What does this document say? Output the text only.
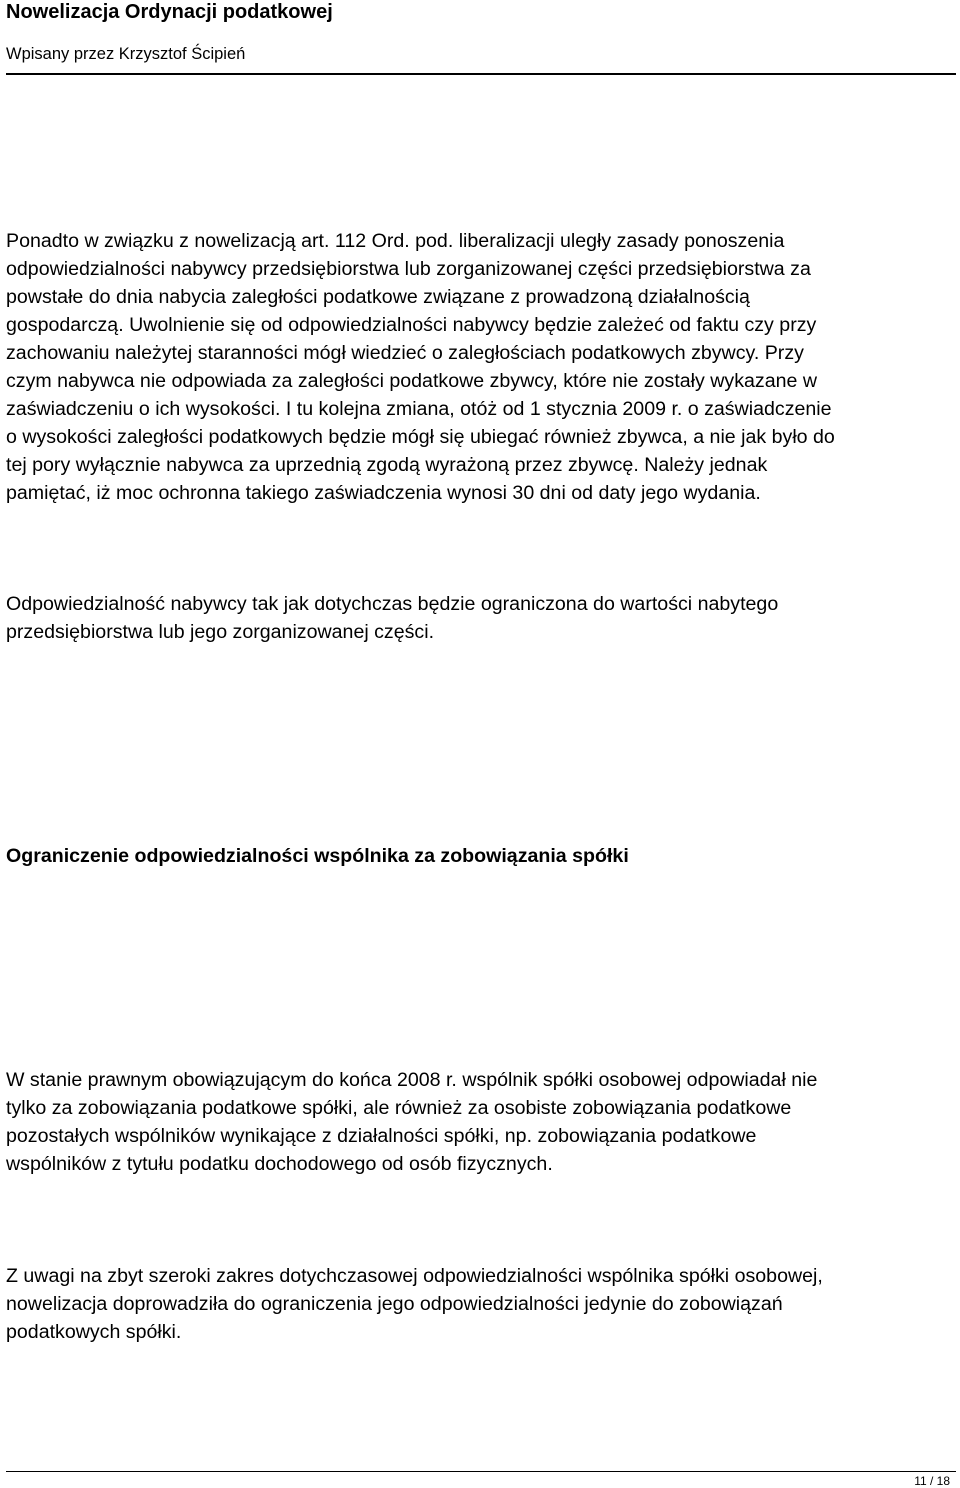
Nowelizacja Ordynacji podatkowej
Wpisany przez Krzysztof Ścipień

Ponadto w związku z nowelizacją art. 112 Ord. pod. liberalizacji uległy zasady ponoszenia
odpowiedzialności nabywcy przedsiębiorstwa lub zorganizowanej części przedsiębiorstwa za
powstałe do dnia nabycia zaległości podatkowe związane z prowadzoną działalnością
gospodarczą. Uwolnienie się od odpowiedzialności nabywcy będzie zależeć od faktu czy przy
zachowaniu należytej staranności mógł wiedzieć o zaległościach podatkowych zbywcy. Przy
czym nabywca nie odpowiada za zaległości podatkowe zbywcy, które nie zostały wykazane w
zaświadczeniu o ich wysokości. I tu kolejna zmiana, otóż od 1 stycznia 2009 r. o zaświadczenie
o wysokości zaległości podatkowych będzie mógł się ubiegać również zbywca, a nie jak było do
tej pory wyłącznie nabywca za uprzednią zgodą wyrażoną przez zbywcę. Należy jednak
pamiętać, iż moc ochronna takiego zaświadczenia wynosi 30 dni od daty jego wydania.

Odpowiedzialność nabywcy tak jak dotychczas będzie ograniczona do wartości nabytego
przedsiębiorstwa lub jego zorganizowanej części.

Ograniczenie odpowiedzialności wspólnika za zobowiązania spółki

W stanie prawnym obowiązującym do końca 2008 r. wspólnik spółki osobowej odpowiadał nie
tylko za zobowiązania podatkowe spółki, ale również za osobiste zobowiązania podatkowe
pozostałych wspólników wynikające z działalności spółki, np. zobowiązania podatkowe
wspólników z tytułu podatku dochodowego od osób fizycznych.

Z uwagi na zbyt szeroki zakres dotychczasowej odpowiedzialności wspólnika spółki osobowej,
nowelizacja doprowadziła do ograniczenia jego odpowiedzialności jedynie do zobowiązań
podatkowych spółki.

11 / 18
